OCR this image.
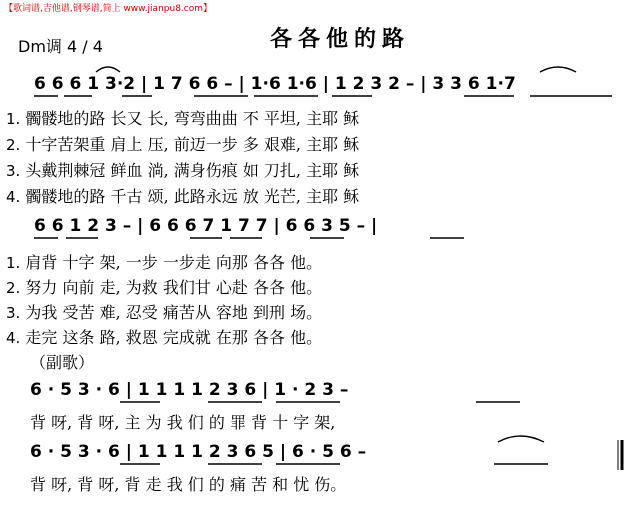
【歌词谱,吉他谱,钢琴谱,简上 www.jianpu8.com】
各各他的路
Dm调 4 / 4
6 6 6 1 3·2 | 1 7 6 6 – | 1·6 1·6 | 1 2 3 2 – | 3 3 6 1·7
1. 髑髅地的路 长又 长, 弯弯曲曲 不 平坦, 主耶 稣
2. 十字苦架重 肩上 压, 前迈一步 多 艰难, 主耶 稣
3. 头戴荆棘冠 鲜血 淌, 满身伤痕 如 刀扎, 主耶 稣
4. 髑髅地的路 千古 颂, 此路永远 放 光芒, 主耶 稣
6 6 1 2 3 – | 6 6 6 7 1 7 7 | 6 6 3 5 – |
1. 肩背 十字 架, 一步 一步走 向那 各各 他。
2. 努力 向前 走, 为救 我们甘 心赴 各各 他。
3. 为我 受苦 难, 忍受 痛苦从 容地 到刑 场。
4. 走完 这条 路, 救恩 完成就 在那 各各 他。
（副歌）
6 · 5 3 · 6 | 1 1 1 1 2 3 6 | 1 · 2 3 –
背 呀, 背 呀, 主 为 我 们 的 罪 背 十 字 架,
6 · 5 3 · 6 | 1 1 1 1 2 3 6 5 | 6 · 5 6 –
背 呀, 背 呀, 背 走 我 们 的 痛 苦 和 忧 伤。
